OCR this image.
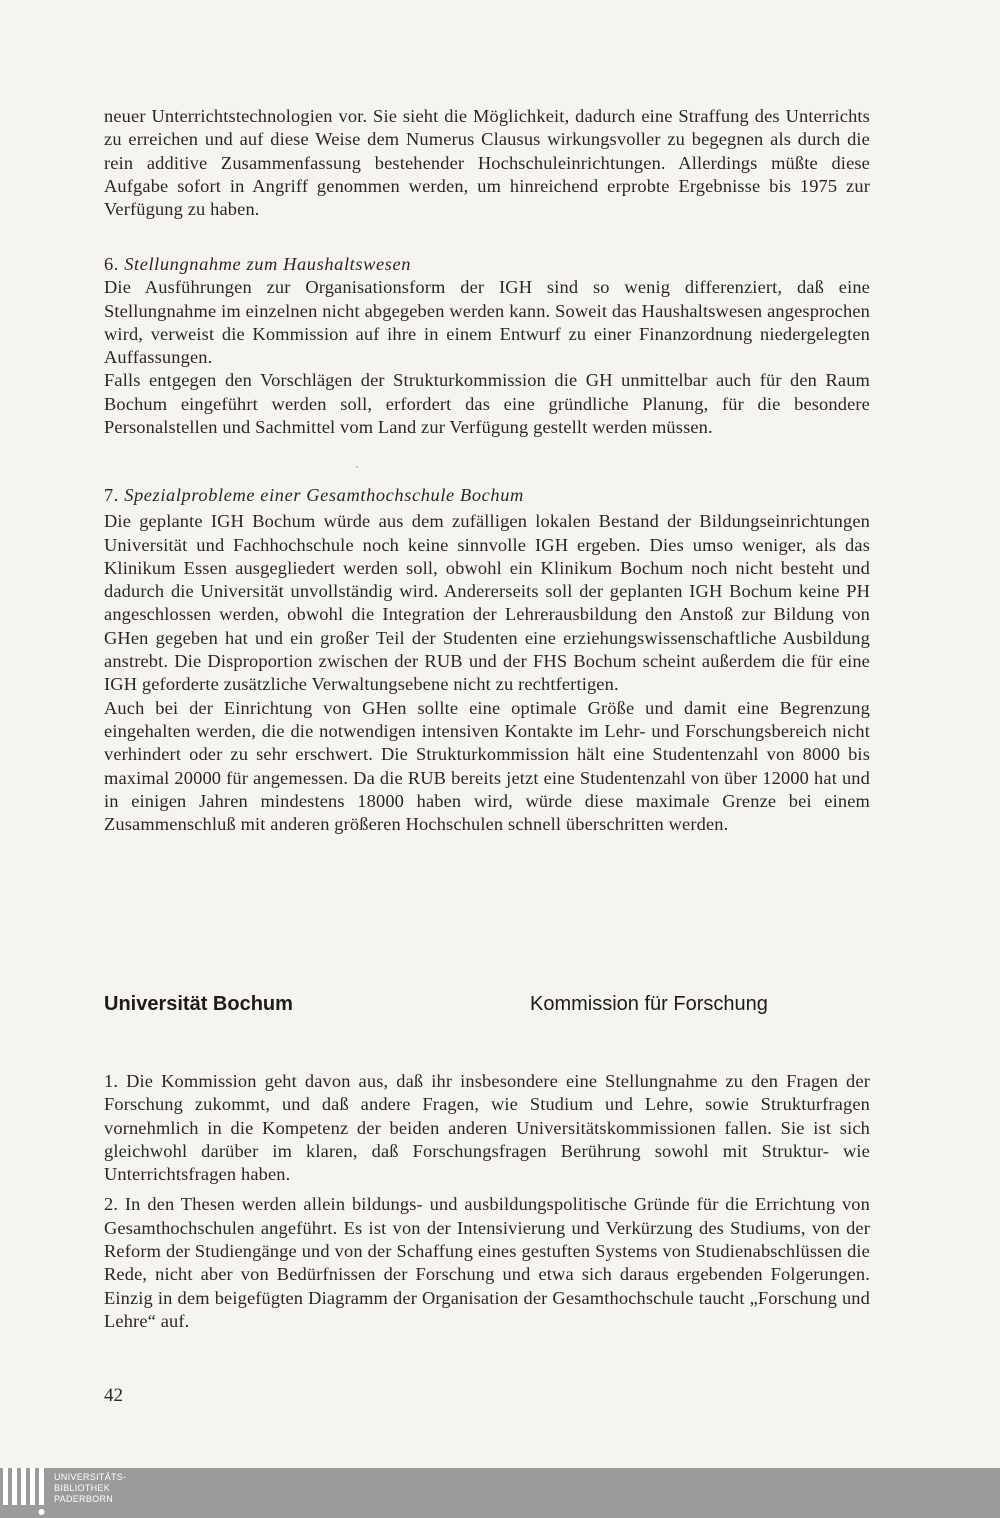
neuer Unterrichtstechnologien vor. Sie sieht die Möglichkeit, dadurch eine Straffung des Unterrichts zu erreichen und auf diese Weise dem Numerus Clausus wirkungsvoller zu begegnen als durch die rein additive Zusammenfassung bestehender Hochschuleinrichtungen. Allerdings müßte diese Aufgabe sofort in Angriff genommen werden, um hinreichend erprobte Ergebnisse bis 1975 zur Verfügung zu haben.

6. Stellungnahme zum Haushaltswesen

Die Ausführungen zur Organisationsform der IGH sind so wenig differenziert, daß eine Stellungnahme im einzelnen nicht abgegeben werden kann. Soweit das Haushaltswesen angesprochen wird, verweist die Kommission auf ihre in einem Entwurf zu einer Finanzordnung niedergelegten Auffassungen.

Falls entgegen den Vorschlägen der Strukturkommission die GH unmittelbar auch für den Raum Bochum eingeführt werden soll, erfordert das eine gründliche Planung, für die besondere Personalstellen und Sachmittel vom Land zur Verfügung gestellt werden müssen.

7. Spezialprobleme einer Gesamthochschule Bochum

Die geplante IGH Bochum würde aus dem zufälligen lokalen Bestand der Bildungseinrichtungen Universität und Fachhochschule noch keine sinnvolle IGH ergeben. Dies umso weniger, als das Klinikum Essen ausgegliedert werden soll, obwohl ein Klinikum Bochum noch nicht besteht und dadurch die Universität unvollständig wird. Andererseits soll der geplanten IGH Bochum keine PH angeschlossen werden, obwohl die Integration der Lehrerausbildung den Anstoß zur Bildung von GHen gegeben hat und ein großer Teil der Studenten eine erziehungswissenschaftliche Ausbildung anstrebt. Die Disproportion zwischen der RUB und der FHS Bochum scheint außerdem die für eine IGH geforderte zusätzliche Verwaltungsebene nicht zu rechtfertigen.

Auch bei der Einrichtung von GHen sollte eine optimale Größe und damit eine Begrenzung eingehalten werden, die die notwendigen intensiven Kontakte im Lehr- und Forschungsbereich nicht verhindert oder zu sehr erschwert. Die Strukturkommission hält eine Studentenzahl von 8000 bis maximal 20000 für angemessen. Da die RUB bereits jetzt eine Studentenzahl von über 12000 hat und in einigen Jahren mindestens 18000 haben wird, würde diese maximale Grenze bei einem Zusammenschluß mit anderen größeren Hochschulen schnell überschritten werden.

Universität Bochum	Kommission für Forschung

1. Die Kommission geht davon aus, daß ihr insbesondere eine Stellungnahme zu den Fragen der Forschung zukommt, und daß andere Fragen, wie Studium und Lehre, sowie Strukturfragen vornehmlich in die Kompetenz der beiden anderen Universitätskommissionen fallen. Sie ist sich gleichwohl darüber im klaren, daß Forschungsfragen Berührung sowohl mit Struktur- wie Unterrichtsfragen haben.

2. In den Thesen werden allein bildungs- und ausbildungspolitische Gründe für die Errichtung von Gesamthochschulen angeführt. Es ist von der Intensivierung und Verkürzung des Studiums, von der Reform der Studiengänge und von der Schaffung eines gestuften Systems von Studienabschlüssen die Rede, nicht aber von Bedürfnissen der Forschung und etwa sich daraus ergebenden Folgerungen. Einzig in dem beigefügten Diagramm der Organisation der Gesamthochschule taucht „Forschung und Lehre“ auf.

42
UNIVERSITÄTS-
BIBLIOTHEK
PADERBORN
